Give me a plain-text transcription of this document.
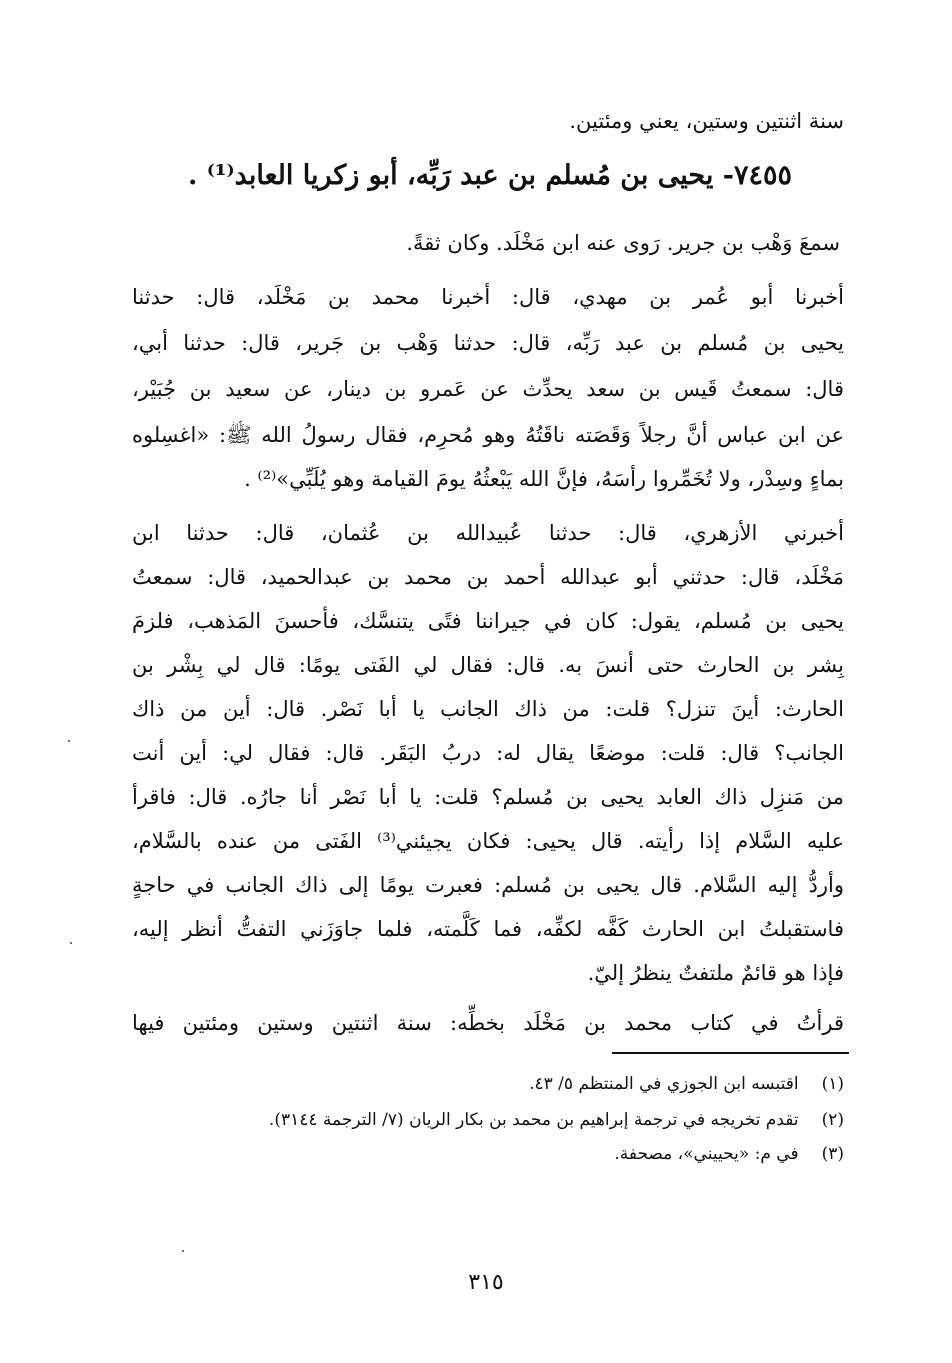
سنة اثنتين وستين، يعني ومئتين.
٧٤٥٥- يحيى بن مُسلم بن عبد رَبِّه، أبو زكريا العابد⁽¹⁾ .
سمعَ وَهْب بن جرير. رَوى عنه ابن مَخْلَد. وكان ثقةً.
أخبرنا أبو عُمر بن مهدي، قال: أخبرنا محمد بن مَخْلَد، قال: حدثنا
يحيى بن مُسلم بن عبد رَبِّه، قال: حدثنا وَهْب بن جَرير، قال: حدثنا أبي،
قال: سمعتُ قَيس بن سعد يحدِّث عن عَمرو بن دينار، عن سعيد بن جُبَيْر،
عن ابن عباس أنَّ رجلاً وَقَصَته ناقَتُهُ وهو مُحرِم، فقال رسولُ الله ﷺ: «اغسِلوه
بماءٍ وسِدْر، ولا تُخَمِّروا رأسَهُ، فإنَّ الله يَبْعثُهُ يومَ القيامة وهو يُلَبِّي»⁽²⁾ .
أخبرني الأزهري، قال: حدثنا عُبيدالله بن عُثمان، قال: حدثنا ابن
مَخْلَد، قال: حدثني أبو عبدالله أحمد بن محمد بن عبدالحميد، قال: سمعتُ
يحيى بن مُسلم، يقول: كان في جيراننا فتًى يتنسَّك، فأحسنَ المَذهب، فلزمَ
بِشر بن الحارث حتى أنسَ به. قال: فقال لي الفَتى يومًا: قال لي بِشْر بن
الحارث: أينَ تنزل؟ قلت: من ذاك الجانب يا أبا نَصْر. قال: أين من ذاك
الجانب؟ قال: قلت: موضعًا يقال له: دربُ البَقَر. قال: فقال لي: أين أنت
من مَنزِل ذاك العابد يحيى بن مُسلم؟ قلت: يا أبا نَصْر أنا جارُه. قال: فاقرأ
عليه السَّلام إذا رأيته. قال يحيى: فكان يجيئني⁽³⁾ الفَتى من عنده بالسَّلام،
وأردُّ إليه السَّلام. قال يحيى بن مُسلم: فعبرت يومًا إلى ذاك الجانب في حاجةٍ
فاستقبلتُ ابن الحارث كَفَّه لكفِّه، فما كَلَّمته، فلما جاوَزَني التفتُّ أنظر إليه،
فإذا هو قائمٌ ملتفتٌ ينظرُ إليّ.
قرأتُ في كتاب محمد بن مَخْلَد بخطِّه: سنة اثنتين وستين ومئتين فيها
(١) اقتبسه ابن الجوزي في المنتظم ٥/ ٤٣.
(٢) تقدم تخريجه في ترجمة إبراهيم بن محمد بن بكار الريان (٧/ الترجمة ٣١٤٤).
(٣) في م: «يحييني»، مصحفة.
٣١٥
